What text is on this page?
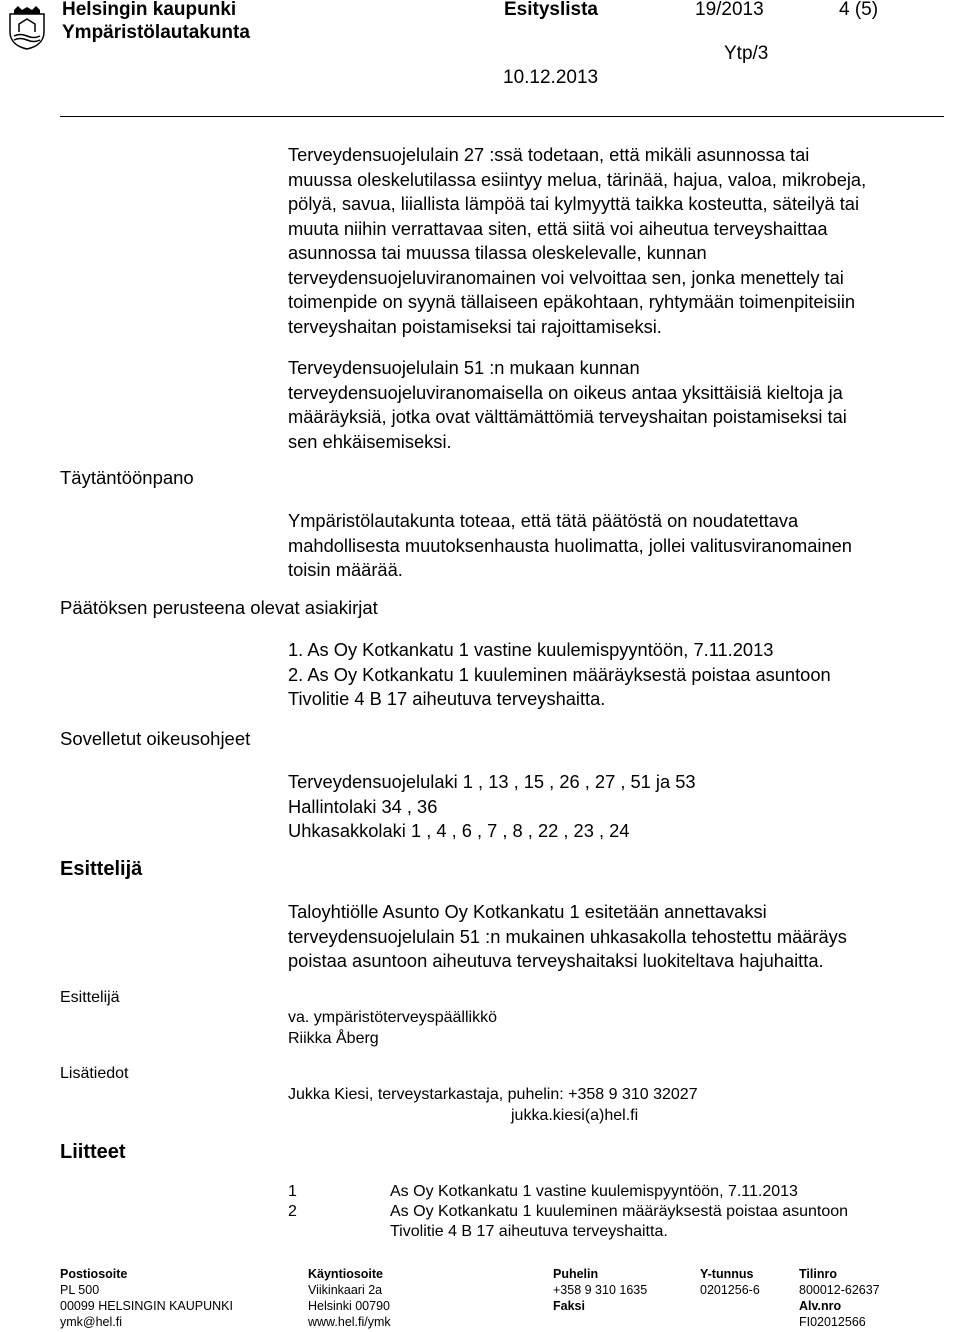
Helsingin kaupunki
Ympäristölautakunta
Esityslista	19/2013	4 (5)
Ytp/3
10.12.2013
Terveydensuojelulain 27 :ssä todetaan, että mikäli asunnossa tai
muussa oleskelutilassa esiintyy melua, tärinää, hajua, valoa, mikrobeja,
pölyä, savua, liiallista lämpöä tai kylmyyttä taikka kosteutta, säteilyä tai
muuta niihin verrattavaa siten, että siitä voi aiheutua terveyshaittaa
asunnossa tai muussa tilassa oleskelevalle, kunnan
terveydensuojeluviranomainen voi velvoittaa sen, jonka menettely tai
toimenpide on syynä tällaiseen epäkohtaan, ryhtymään toimenpiteisiin
terveyshaitan poistamiseksi tai rajoittamiseksi.
Terveydensuojelulain 51 :n mukaan kunnan
terveydensuojeluviranomaisella on oikeus antaa yksittäisiä kieltoja ja
määräyksiä, jotka ovat välttämättömiä terveyshaitan poistamiseksi tai
sen ehkäisemiseksi.
Täytäntöönpano
Ympäristölautakunta toteaa, että tätä päätöstä on noudatettava
mahdollisesta muutoksenhausta huolimatta, jollei valitusviranomainen
toisin määrää.
Päätöksen perusteena olevat asiakirjat
1. As Oy Kotkankatu 1 vastine kuulemispyyntöön, 7.11.2013
2. As Oy Kotkankatu 1 kuuleminen määräyksestä poistaa asuntoon
Tivolitie 4 B 17 aiheutuva terveyshaitta.
Sovelletut oikeusohjeet
Terveydensuojelulaki 1 , 13 , 15 , 26 , 27 , 51 ja 53
Hallintolaki 34 , 36
Uhkasakkolaki 1 , 4 , 6 , 7 , 8 , 22 , 23 , 24
Esittelijä
Taloyhtiölle Asunto Oy Kotkankatu 1 esitetään annettavaksi
terveydensuojelulain 51 :n mukainen uhkasakolla tehostettu määräys
poistaa asuntoon aiheutuva terveyshaitaksi luokiteltava hajuhaitta.
Esittelijä
va. ympäristöterveyspäällikkö
Riikka Åberg
Lisätiedot
Jukka Kiesi, terveystarkastaja, puhelin: +358 9 310 32027
jukka.kiesi(a)hel.fi
Liitteet
1	As Oy Kotkankatu 1 vastine kuulemispyyntöön, 7.11.2013
2	As Oy Kotkankatu 1 kuuleminen määräyksestä poistaa asuntoon
Tivolitie 4 B 17 aiheutuva terveyshaitta.
Postiosoite
PL 500
00099 HELSINGIN KAUPUNKI
ymk@hel.fi
Käyntiosoite
Viikinkaari 2a
Helsinki 00790
www.hel.fi/ymk
Puhelin
+358 9 310 1635
Faksi
Y-tunnus
0201256-6
Tilinro
800012-62637
Alv.nro
FI02012566
